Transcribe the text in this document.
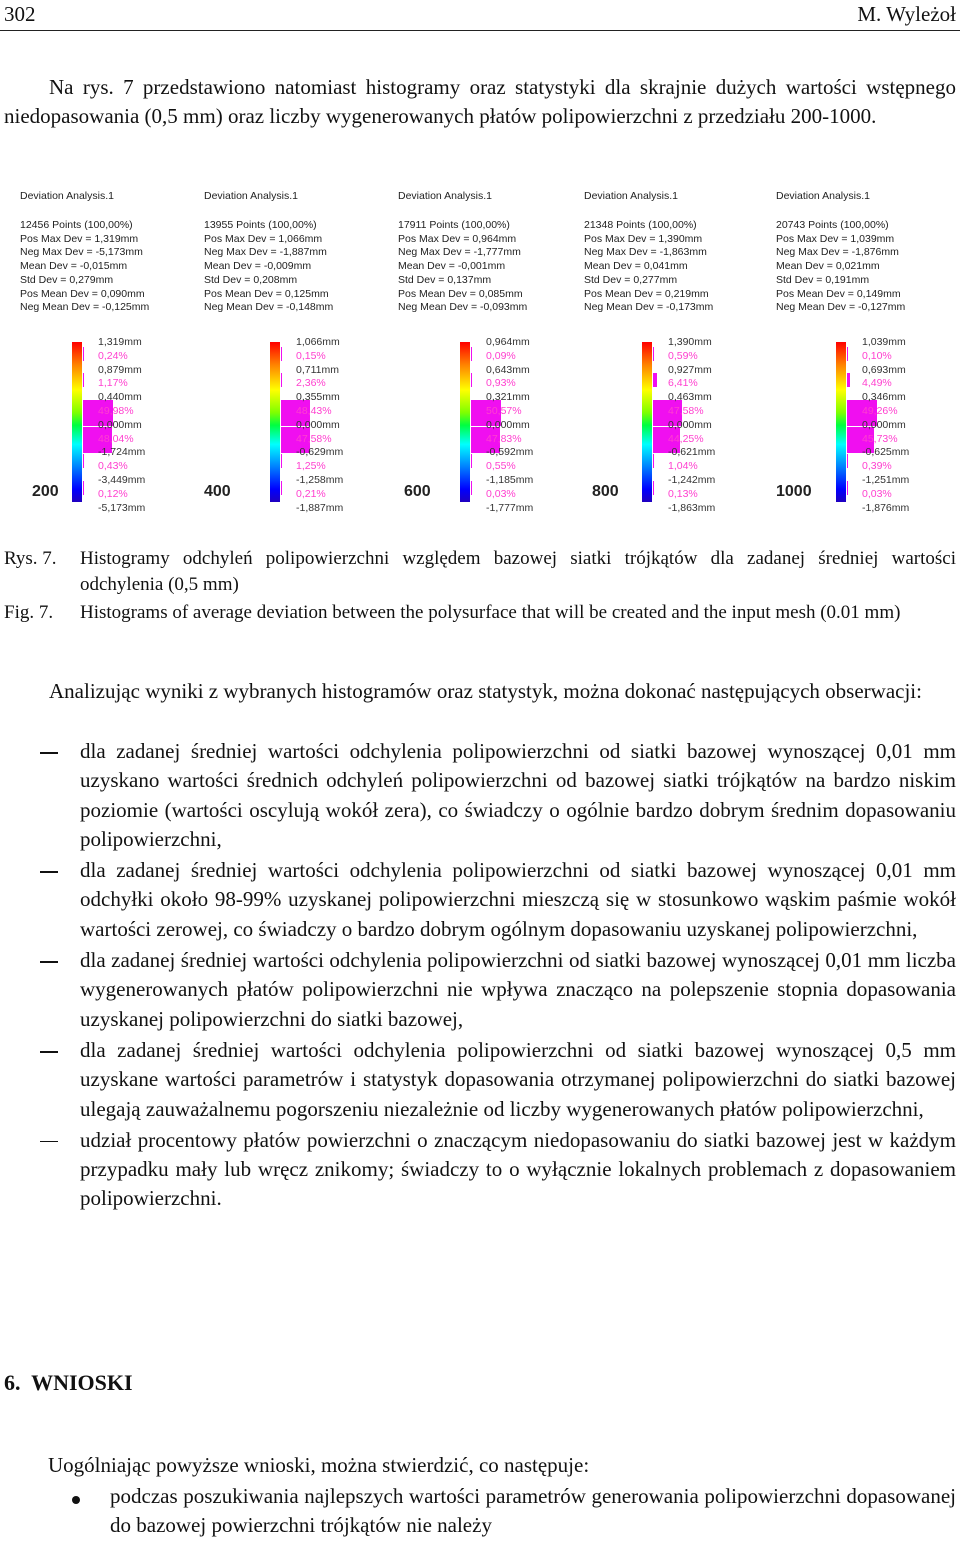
302	M. Wyleżoł
Na rys. 7 przedstawiono natomiast histogramy oraz statystyki dla skrajnie dużych wartości wstępnego niedopasowania (0,5 mm) oraz liczby wygenerowanych płatów polipowierzchni z przedziału 200-1000.
Deviation Analysis.1
12456 Points (100,00%)
Pos Max Dev = 1,319mm
Neg Max Dev = -5,173mm
Mean Dev = -0,015mm
Std Dev = 0,279mm
Pos Mean Dev = 0,090mm
Neg Mean Dev = -0,125mm
1,319mm
0,24%
0,879mm
1,17%
0,440mm
49,98%
0,000mm
48,04%
-1,724mm
0,43%
-3,449mm
0,12%
-5,173mm
200
Deviation Analysis.1
13955 Points (100,00%)
Pos Max Dev = 1,066mm
Neg Max Dev = -1,887mm
Mean Dev = -0,009mm
Std Dev = 0,208mm
Pos Mean Dev = 0,125mm
Neg Mean Dev = -0,148mm
1,066mm
0,15%
0,711mm
2,36%
0,355mm
48,43%
0,000mm
47,58%
-0,629mm
1,25%
-1,258mm
0,21%
-1,887mm
400
Deviation Analysis.1
17911 Points (100,00%)
Pos Max Dev = 0,964mm
Neg Max Dev = -1,777mm
Mean Dev = -0,001mm
Std Dev = 0,137mm
Pos Mean Dev = 0,085mm
Neg Mean Dev = -0,093mm
0,964mm
0,09%
0,643mm
0,93%
0,321mm
50,57%
0,000mm
47,83%
-0,592mm
0,55%
-1,185mm
0,03%
-1,777mm
600
Deviation Analysis.1
21348 Points (100,00%)
Pos Max Dev = 1,390mm
Neg Max Dev = -1,863mm
Mean Dev = 0,041mm
Std Dev = 0,277mm
Pos Mean Dev = 0,219mm
Neg Mean Dev = -0,173mm
1,390mm
0,59%
0,927mm
6,41%
0,463mm
47,58%
0,000mm
44,25%
-0,621mm
1,04%
-1,242mm
0,13%
-1,863mm
800
Deviation Analysis.1
20743 Points (100,00%)
Pos Max Dev = 1,039mm
Neg Max Dev = -1,876mm
Mean Dev = 0,021mm
Std Dev = 0,191mm
Pos Mean Dev = 0,149mm
Neg Mean Dev = -0,127mm
1,039mm
0,10%
0,693mm
4,49%
0,346mm
49,26%
0,000mm
45,73%
-0,625mm
0,39%
-1,251mm
0,03%
-1,876mm
1000
Rys. 7. Histogramy odchyleń polipowierzchni względem bazowej siatki trójkątów dla zadanej średniej wartości odchylenia (0,5 mm)
Fig. 7. Histograms of average deviation between the polysurface that will be created and the input mesh (0.01 mm)
Analizując wyniki z wybranych histogramów oraz statystyk, można dokonać następujących obserwacji:
dla zadanej średniej wartości odchylenia polipowierzchni od siatki bazowej wynoszącej 0,01 mm uzyskano wartości średnich odchyleń polipowierzchni od bazowej siatki trójkątów na bardzo niskim poziomie (wartości oscylują wokół zera), co świadczy o ogólnie bardzo dobrym średnim dopasowaniu polipowierzchni,
dla zadanej średniej wartości odchylenia polipowierzchni od siatki bazowej wynoszącej 0,01 mm odchyłki około 98-99% uzyskanej polipowierzchni mieszczą się w stosunkowo wąskim paśmie wokół wartości zerowej, co świadczy o bardzo dobrym ogólnym dopasowaniu uzyskanej polipowierzchni,
dla zadanej średniej wartości odchylenia polipowierzchni od siatki bazowej wynoszącej 0,01 mm liczba wygenerowanych płatów polipowierzchni nie wpływa znacząco na polepszenie stopnia dopasowania uzyskanej polipowierzchni do siatki bazowej,
dla zadanej średniej wartości odchylenia polipowierzchni od siatki bazowej wynoszącej 0,5 mm uzyskane wartości parametrów i statystyk dopasowania otrzymanej polipowierzchni do siatki bazowej ulegają zauważalnemu pogorszeniu niezależnie od liczby wygenerowanych płatów polipowierzchni,
udział procentowy płatów powierzchni o znaczącym niedopasowaniu do siatki bazowej jest w każdym przypadku mały lub wręcz znikomy; świadczy to o wyłącznie lokalnych problemach z dopasowaniem polipowierzchni.
6. WNIOSKI
Uogólniając powyższe wnioski, można stwierdzić, co następuje:
podczas poszukiwania najlepszych wartości parametrów generowania polipowierzchni dopasowanej do bazowej powierzchni trójkątów nie należy
